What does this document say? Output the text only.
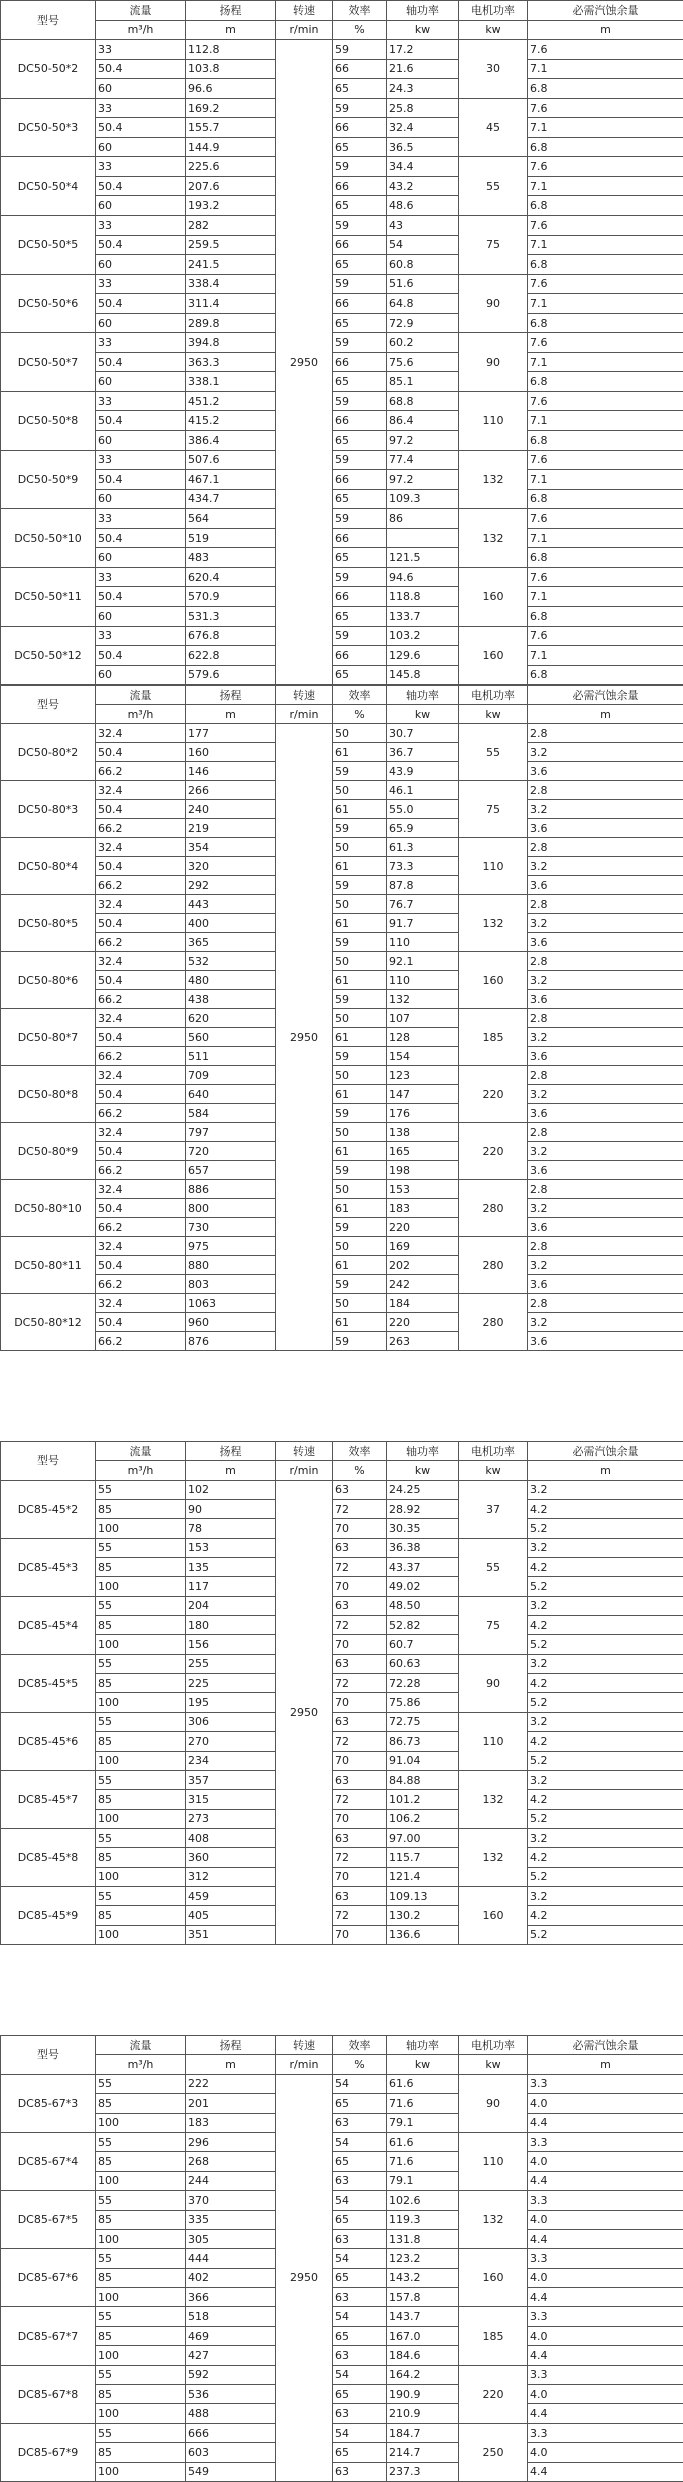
型号	流量	扬程	转速	效率	轴功率	电机功率	必需汽蚀余量
	m³/h	m	r/min	%	kw	kw	m
DC50-50*2	33	112.8	2950	59	17.2	30	7.6
	50.4	103.8		66	21.6		7.1
	60	96.6		65	24.3		6.8
DC50-50*3	33	169.2		59	25.8	45	7.6
	50.4	155.7		66	32.4		7.1
	60	144.9		65	36.5		6.8
DC50-50*4	33	225.6		59	34.4	55	7.6
	50.4	207.6		66	43.2		7.1
	60	193.2		65	48.6		6.8
DC50-50*5	33	282		59	43	75	7.6
	50.4	259.5		66	54		7.1
	60	241.5		65	60.8		6.8
DC50-50*6	33	338.4		59	51.6	90	7.6
	50.4	311.4		66	64.8		7.1
	60	289.8		65	72.9		6.8
DC50-50*7	33	394.8		59	60.2	90	7.6
	50.4	363.3		66	75.6		7.1
	60	338.1		65	85.1		6.8
DC50-50*8	33	451.2		59	68.8	110	7.6
	50.4	415.2		66	86.4		7.1
	60	386.4		65	97.2		6.8
DC50-50*9	33	507.6		59	77.4	132	7.6
	50.4	467.1		66	97.2		7.1
	60	434.7		65	109.3		6.8
DC50-50*10	33	564		59	86	132	7.6
	50.4	519		66			7.1
	60	483		65	121.5		6.8
DC50-50*11	33	620.4		59	94.6	160	7.6
	50.4	570.9		66	118.8		7.1
	60	531.3		65	133.7		6.8
DC50-50*12	33	676.8		59	103.2	160	7.6
	50.4	622.8		66	129.6		7.1
	60	579.6		65	145.8		6.8
型号	流量	扬程	转速	效率	轴功率	电机功率	必需汽蚀余量
	m³/h	m	r/min	%	kw	kw	m
DC50-80*2	32.4	177	2950	50	30.7	55	2.8
	50.4	160		61	36.7		3.2
	66.2	146		59	43.9		3.6
DC50-80*3	32.4	266		50	46.1	75	2.8
	50.4	240		61	55.0		3.2
	66.2	219		59	65.9		3.6
DC50-80*4	32.4	354		50	61.3	110	2.8
	50.4	320		61	73.3		3.2
	66.2	292		59	87.8		3.6
DC50-80*5	32.4	443		50	76.7	132	2.8
	50.4	400		61	91.7		3.2
	66.2	365		59	110		3.6
DC50-80*6	32.4	532		50	92.1	160	2.8
	50.4	480		61	110		3.2
	66.2	438		59	132		3.6
DC50-80*7	32.4	620		50	107	185	2.8
	50.4	560		61	128		3.2
	66.2	511		59	154		3.6
DC50-80*8	32.4	709		50	123	220	2.8
	50.4	640		61	147		3.2
	66.2	584		59	176		3.6
DC50-80*9	32.4	797		50	138	220	2.8
	50.4	720		61	165		3.2
	66.2	657		59	198		3.6
DC50-80*10	32.4	886		50	153	280	2.8
	50.4	800		61	183		3.2
	66.2	730		59	220		3.6
DC50-80*11	32.4	975		50	169	280	2.8
	50.4	880		61	202		3.2
	66.2	803		59	242		3.6
DC50-80*12	32.4	1063		50	184	280	2.8
	50.4	960		61	220		3.2
	66.2	876		59	263		3.6
型号	流量	扬程	转速	效率	轴功率	电机功率	必需汽蚀余量
	m³/h	m	r/min	%	kw	kw	m
DC85-45*2	55	102	2950	63	24.25	37	3.2
	85	90		72	28.92		4.2
	100	78		70	30.35		5.2
DC85-45*3	55	153		63	36.38	55	3.2
	85	135		72	43.37		4.2
	100	117		70	49.02		5.2
DC85-45*4	55	204		63	48.50	75	3.2
	85	180		72	52.82		4.2
	100	156		70	60.7		5.2
DC85-45*5	55	255		63	60.63	90	3.2
	85	225		72	72.28		4.2
	100	195		70	75.86		5.2
DC85-45*6	55	306		63	72.75	110	3.2
	85	270		72	86.73		4.2
	100	234		70	91.04		5.2
DC85-45*7	55	357		63	84.88	132	3.2
	85	315		72	101.2		4.2
	100	273		70	106.2		5.2
DC85-45*8	55	408		63	97.00	132	3.2
	85	360		72	115.7		4.2
	100	312		70	121.4		5.2
DC85-45*9	55	459		63	109.13	160	3.2
	85	405		72	130.2		4.2
	100	351		70	136.6		5.2
型号	流量	扬程	转速	效率	轴功率	电机功率	必需汽蚀余量
	m³/h	m	r/min	%	kw	kw	m
DC85-67*3	55	222	2950	54	61.6	90	3.3
	85	201		65	71.6		4.0
	100	183		63	79.1		4.4
DC85-67*4	55	296		54	61.6	110	3.3
	85	268		65	71.6		4.0
	100	244		63	79.1		4.4
DC85-67*5	55	370		54	102.6	132	3.3
	85	335		65	119.3		4.0
	100	305		63	131.8		4.4
DC85-67*6	55	444		54	123.2	160	3.3
	85	402		65	143.2		4.0
	100	366		63	157.8		4.4
DC85-67*7	55	518		54	143.7	185	3.3
	85	469		65	167.0		4.0
	100	427		63	184.6		4.4
DC85-67*8	55	592		54	164.2	220	3.3
	85	536		65	190.9		4.0
	100	488		63	210.9		4.4
DC85-67*9	55	666		54	184.7	250	3.3
	85	603		65	214.7		4.0
	100	549		63	237.3		4.4
